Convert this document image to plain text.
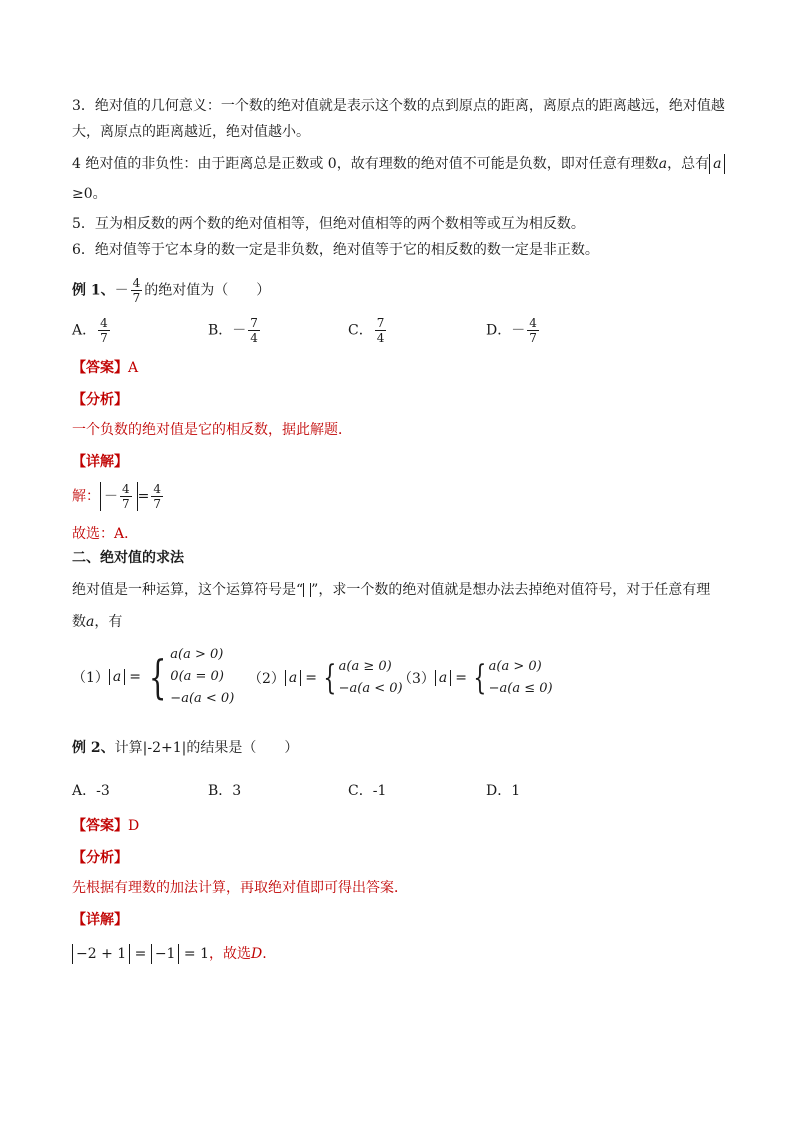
3．绝对值的几何意义：一个数的绝对值就是表示这个数的点到原点的距离，离原点的距离越远，绝对值越
大，离原点的距离越近，绝对值越小。
4 绝对值的非负性：由于距离总是正数或 0，故有理数的绝对值不可能是负数，即对任意有理数a，总有 a
≥0。
5．互为相反数的两个数的绝对值相等，但绝对值相等的两个数相等或互为相反数。
6．绝对值等于它本身的数一定是非负数，绝对值等于它的相反数的数一定是非正数。
例 1、－ $\frac{4}{7}$ 的绝对值为（　　）
A． $\frac{4}{7}$	B．－ $\frac{7}{4}$	C． $\frac{7}{4}$	D．－ $\frac{4}{7}$
【答案】A
【分析】
一个负数的绝对值是它的相反数，据此解题．
【详解】
解： － $\frac{4}{7} = \frac{4}{7}$
故选：A．
二、绝对值的求法
绝对值是一种运算，这个运算符号是“ ”，求一个数的绝对值就是想办法去掉绝对值符号，对于任意有理
数a，有
（1） a = { a(a > 0)
0(a = 0)
−a(a < 0)
（2） a = { a(a ≥ 0)
−a(a < 0)
（3） a = { a(a > 0)
−a(a ≤ 0)
例 2、计算|-2+1|的结果是（　　）
A．-3	B．3	C．-1	D．1
【答案】D
【分析】
先根据有理数的加法计算，再取绝对值即可得出答案．
【详解】
−2 + 1 = −1 = 1，故选D.
